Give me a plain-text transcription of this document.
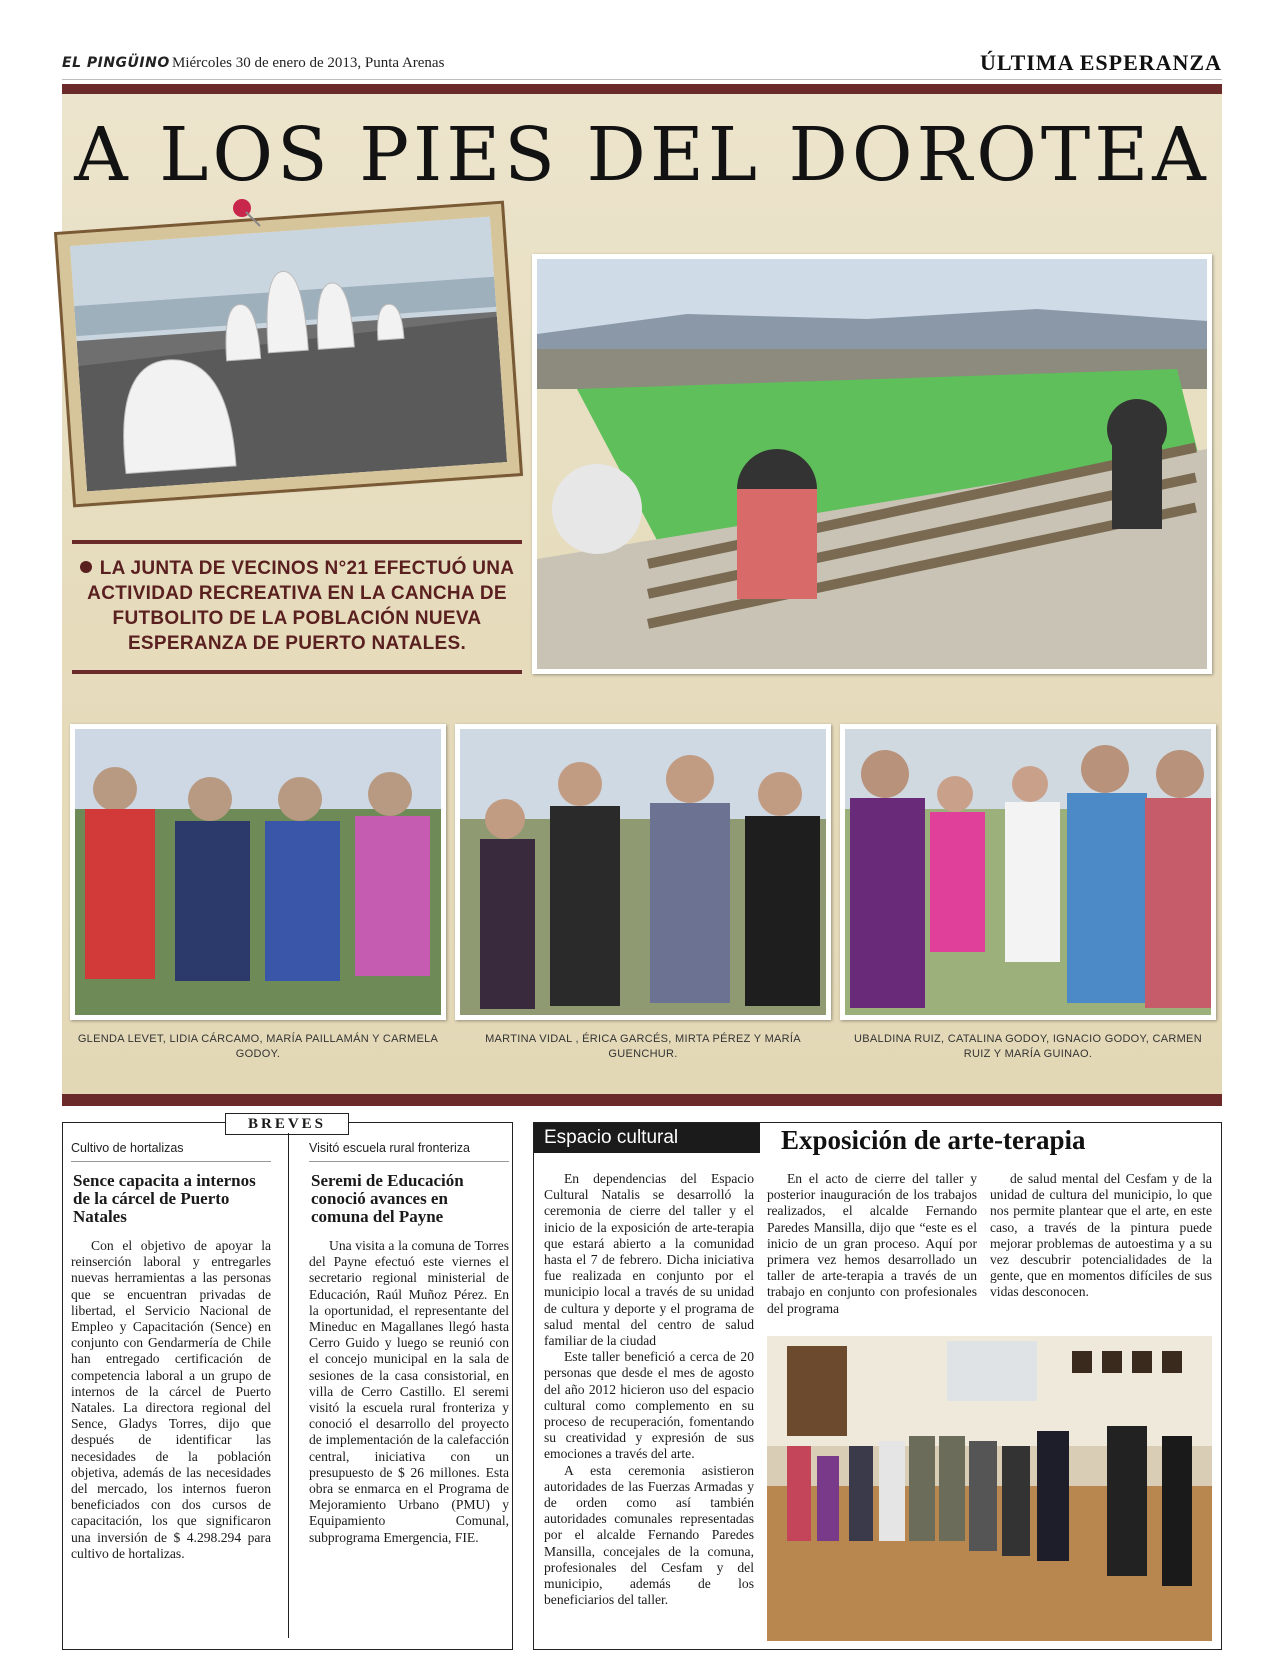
EL PINGÜINO Miércoles 30 de enero de 2013, Punta Arenas	ÚLTIMA ESPERANZA
A LOS PIES DEL DOROTEA
LA JUNTA DE VECINOS N°21 EFECTUÓ UNA ACTIVIDAD RECREATIVA EN LA CANCHA DE FUTBOLITO DE LA POBLACIÓN NUEVA ESPERANZA DE PUERTO NATALES.
GLENDA LEVET, LIDIA CÁRCAMO, MARÍA PAILLAMÁN Y CARMELA GODOY.
MARTINA VIDAL , ÉRICA GARCÉS, MIRTA PÉREZ Y MARÍA GUENCHUR.
UBALDINA RUIZ, CATALINA GODOY, IGNACIO GODOY, CARMEN RUIZ Y MARÍA GUINAO.
BREVES
Cultivo de hortalizas
Sence capacita a internos de la cárcel de Puerto Natales

Con el objetivo de apoyar la reinserción laboral y entregarles nuevas herramientas a las personas que se encuentran privadas de libertad, el Servicio Nacional de Empleo y Capacitación (Sence) en conjunto con Gendarmería de Chile han entregado certificación de competencia laboral a un grupo de internos de la cárcel de Puerto Natales. La directora regional del Sence, Gladys Torres, dijo que después de identificar las necesidades de la población objetiva, además de las necesidades del mercado, los internos fueron beneficiados con dos cursos de capacitación, los que significaron una inversión de $ 4.298.294 para cultivo de hortalizas.

Visitó escuela rural fronteriza
Seremi de Educación conoció avances en comuna del Payne

Una visita a la comuna de Torres del Payne efectuó este viernes el secretario regional ministerial de Educación, Raúl Muñoz Pérez. En la oportunidad, el representante del Mineduc en Magallanes llegó hasta Cerro Guido y luego se reunió con el concejo municipal en la sala de sesiones de la casa consistorial, en villa de Cerro Castillo. El seremi visitó la escuela rural fronteriza y conoció el desarrollo del proyecto de implementación de la calefacción central, iniciativa con un presupuesto de $ 26 millones. Esta obra se enmarca en el Programa de Mejoramiento Urbano (PMU) y Equipamiento Comunal, subprograma Emergencia, FIE.

Espacio cultural	Exposición de arte-terapia

En dependencias del Espacio Cultural Natalis se desarrolló la ceremonia de cierre del taller y el inicio de la exposición de arte-terapia que estará abierto a la comunidad hasta el 7 de febrero. Dicha iniciativa fue realizada en conjunto por el municipio local a través de su unidad de cultura y deporte y el programa de salud mental del centro de salud familiar de la ciudad

Este taller benefició a cerca de 20 personas que desde el mes de agosto del año 2012 hicieron uso del espacio cultural como complemento en su proceso de recuperación, fomentando su creatividad y expresión de sus emociones a través del arte.

A esta ceremonia asistieron autoridades de las Fuerzas Armadas y de orden como así también autoridades comunales representadas por el alcalde Fernando Paredes Mansilla, concejales de la comuna, profesionales del Cesfam y del municipio, además de los beneficiarios del taller.

En el acto de cierre del taller y posterior inauguración de los trabajos realizados, el alcalde Fernando Paredes Mansilla, dijo que “este es el inicio de un gran proceso. Aquí por primera vez hemos desarrollado un taller de arte-terapia a través de un trabajo en conjunto con profesionales del programa

de salud mental del Cesfam y de la unidad de cultura del municipio, lo que nos permite plantear que el arte, en este caso, a través de la pintura puede mejorar problemas de autoestima y a su vez descubrir potencialidades de la gente, que en momentos difíciles de sus vidas desconocen.
